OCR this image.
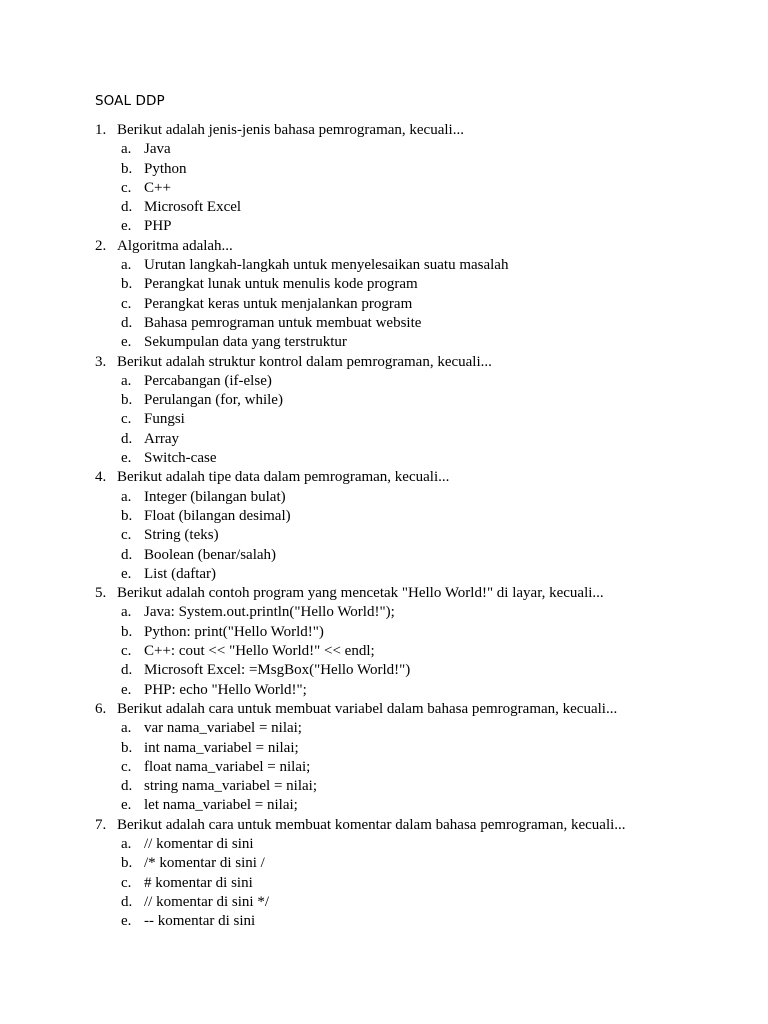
SOAL DDP
1. Berikut adalah jenis-jenis bahasa pemrograman, kecuali...
a. Java
b. Python
c. C++
d. Microsoft Excel
e. PHP
2. Algoritma adalah...
a. Urutan langkah-langkah untuk menyelesaikan suatu masalah
b. Perangkat lunak untuk menulis kode program
c. Perangkat keras untuk menjalankan program
d. Bahasa pemrograman untuk membuat website
e. Sekumpulan data yang terstruktur
3. Berikut adalah struktur kontrol dalam pemrograman, kecuali...
a. Percabangan (if-else)
b. Perulangan (for, while)
c. Fungsi
d. Array
e. Switch-case
4. Berikut adalah tipe data dalam pemrograman, kecuali...
a. Integer (bilangan bulat)
b. Float (bilangan desimal)
c. String (teks)
d. Boolean (benar/salah)
e. List (daftar)
5. Berikut adalah contoh program yang mencetak "Hello World!" di layar, kecuali...
a. Java: System.out.println("Hello World!");
b. Python: print("Hello World!")
c. C++: cout << "Hello World!" << endl;
d. Microsoft Excel: =MsgBox("Hello World!")
e. PHP: echo "Hello World!";
6. Berikut adalah cara untuk membuat variabel dalam bahasa pemrograman, kecuali...
a. var nama_variabel = nilai;
b. int nama_variabel = nilai;
c. float nama_variabel = nilai;
d. string nama_variabel = nilai;
e. let nama_variabel = nilai;
7. Berikut adalah cara untuk membuat komentar dalam bahasa pemrograman, kecuali...
a. // komentar di sini
b. /* komentar di sini /
c. # komentar di sini
d. // komentar di sini */
e. -- komentar di sini
